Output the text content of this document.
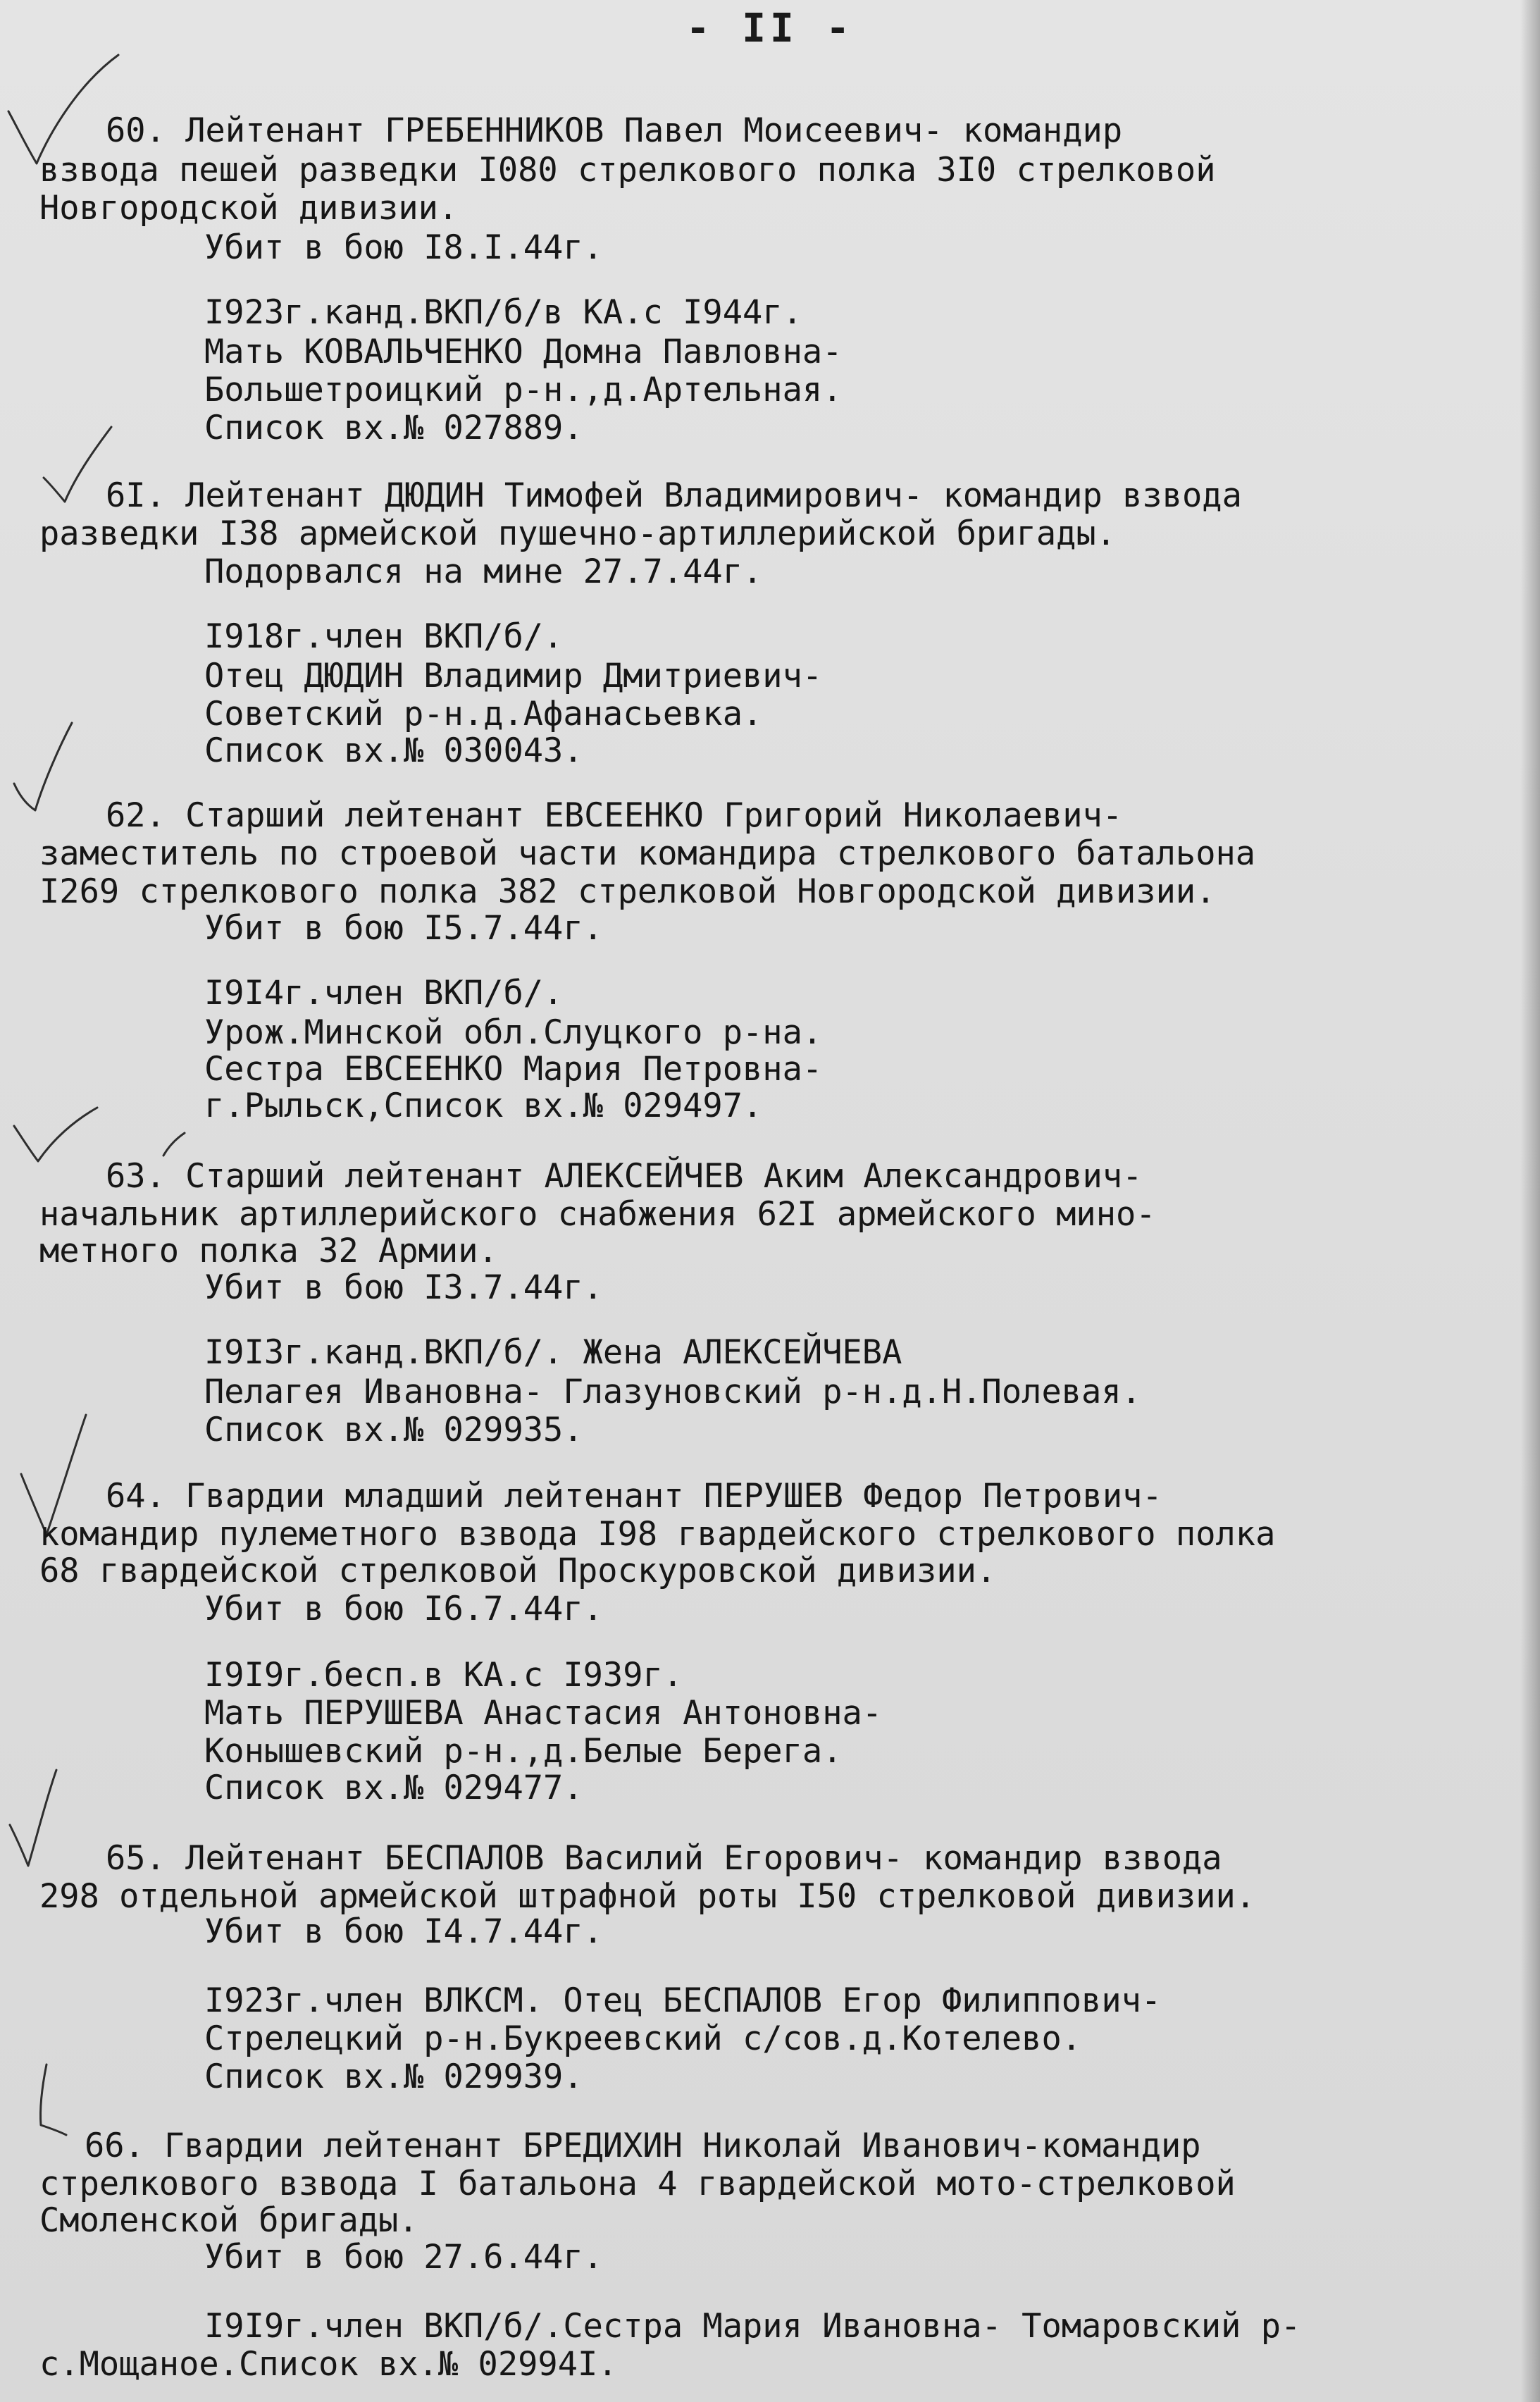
- II -
60. Лейтенант ГРЕБЕННИКОВ Павел Моисеевич- командир
взвода пешей разведки I080 стрелкового полка 3I0 стрелковой
Новгородской дивизии.
Убит в бою I8.I.44г.
I923г.канд.ВКП/б/в КА.с I944г.
Мать КОВАЛЬЧЕНКО Домна Павловна-
Большетроицкий р-н.,д.Артельная.
Список вх.№ 027889.
6I. Лейтенант ДЮДИН Тимофей Владимирович- командир взвода
разведки I38 армейской пушечно-артиллерийской бригады.
Подорвался на мине 27.7.44г.
I918г.член ВКП/б/.
Отец ДЮДИН Владимир Дмитриевич-
Советский р-н.д.Афанасьевка.
Список вх.№ 030043.
62. Старший лейтенант ЕВСЕЕНКО Григорий Николаевич-
заместитель по строевой части командира стрелкового батальона
I269 стрелкового полка 382 стрелковой Новгородской дивизии.
Убит в бою I5.7.44г.
I9I4г.член ВКП/б/.
Урож.Минской обл.Слуцкого р-на.
Сестра ЕВСЕЕНКО Мария Петровна-
г.Рыльск,Список вх.№ 029497.
63. Старший лейтенант АЛЕКСЕЙЧЕВ Аким Александрович-
начальник артиллерийского снабжения 62I армейского мино-
метного полка 32 Армии.
Убит в бою I3.7.44г.
I9I3г.канд.ВКП/б/. Жена АЛЕКСЕЙЧЕВА
Пелагея Ивановна- Глазуновский р-н.д.Н.Полевая.
Список вх.№ 029935.
64. Гвардии младший лейтенант ПЕРУШЕВ Федор Петрович-
командир пулеметного взвода I98 гвардейского стрелкового полка
68 гвардейской стрелковой Проскуровской дивизии.
Убит в бою I6.7.44г.
I9I9г.бесп.в КА.с I939г.
Мать ПЕРУШЕВА Анастасия Антоновна-
Конышевский р-н.,д.Белые Берега.
Список вх.№ 029477.
65. Лейтенант БЕСПАЛОВ Василий Егорович- командир взвода
298 отдельной армейской штрафной роты I50 стрелковой дивизии.
Убит в бою I4.7.44г.
I923г.член ВЛКСМ. Отец БЕСПАЛОВ Егор Филиппович-
Стрелецкий р-н.Букреевский с/сов.д.Котелево.
Список вх.№ 029939.
66. Гвардии лейтенант БРЕДИХИН Николай Иванович-командир
стрелкового взвода I батальона 4 гвардейской мото-стрелковой
Смоленской бригады.
Убит в бою 27.6.44г.
I9I9г.член ВКП/б/.Сестра Мария Ивановна- Томаровский р-
с.Мощаное.Список вх.№ 02994I.
